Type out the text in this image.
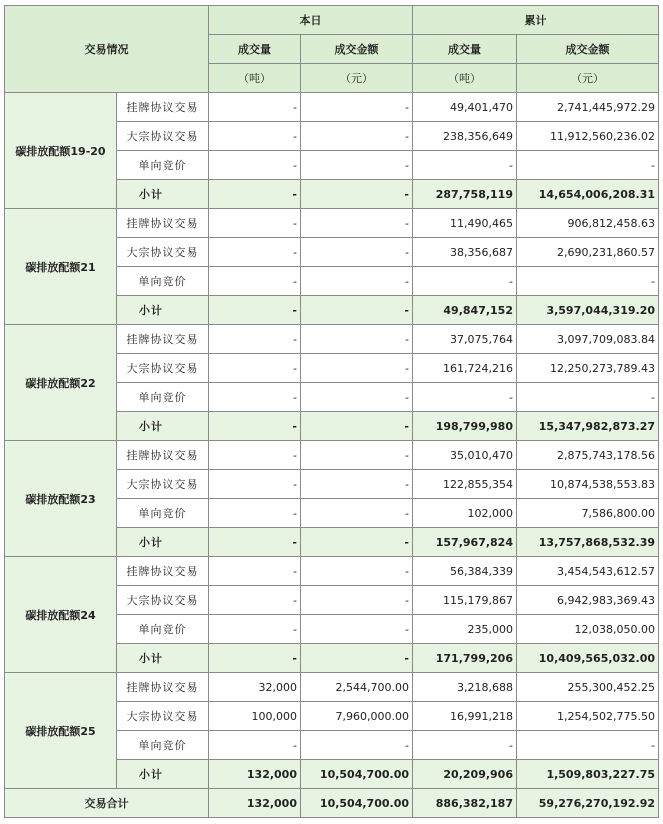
交易情况		本日		累计	
		成交量	成交金额	成交量	成交金额
		（吨）	（元）	（吨）	（元）
碳排放配额19-20	挂牌协议交易	-	-	49,401,470	2,741,445,972.29
	大宗协议交易	-	-	238,356,649	11,912,560,236.02
	单向竞价	-	-	-	-
	小计	-	-	287,758,119	14,654,006,208.31
碳排放配额21	挂牌协议交易	-	-	11,490,465	906,812,458.63
	大宗协议交易	-	-	38,356,687	2,690,231,860.57
	单向竞价	-	-	-	-
	小计	-	-	49,847,152	3,597,044,319.20
碳排放配额22	挂牌协议交易	-	-	37,075,764	3,097,709,083.84
	大宗协议交易	-	-	161,724,216	12,250,273,789.43
	单向竞价	-	-	-	-
	小计	-	-	198,799,980	15,347,982,873.27
碳排放配额23	挂牌协议交易	-	-	35,010,470	2,875,743,178.56
	大宗协议交易	-	-	122,855,354	10,874,538,553.83
	单向竞价	-	-	102,000	7,586,800.00
	小计	-	-	157,967,824	13,757,868,532.39
碳排放配额24	挂牌协议交易	-	-	56,384,339	3,454,543,612.57
	大宗协议交易	-	-	115,179,867	6,942,983,369.43
	单向竞价	-	-	235,000	12,038,050.00
	小计	-	-	171,799,206	10,409,565,032.00
碳排放配额25	挂牌协议交易	32,000	2,544,700.00	3,218,688	255,300,452.25
	大宗协议交易	100,000	7,960,000.00	16,991,218	1,254,502,775.50
	单向竞价	-	-	-	-
	小计	132,000	10,504,700.00	20,209,906	1,509,803,227.75
交易合计		132,000	10,504,700.00	886,382,187	59,276,270,192.92
